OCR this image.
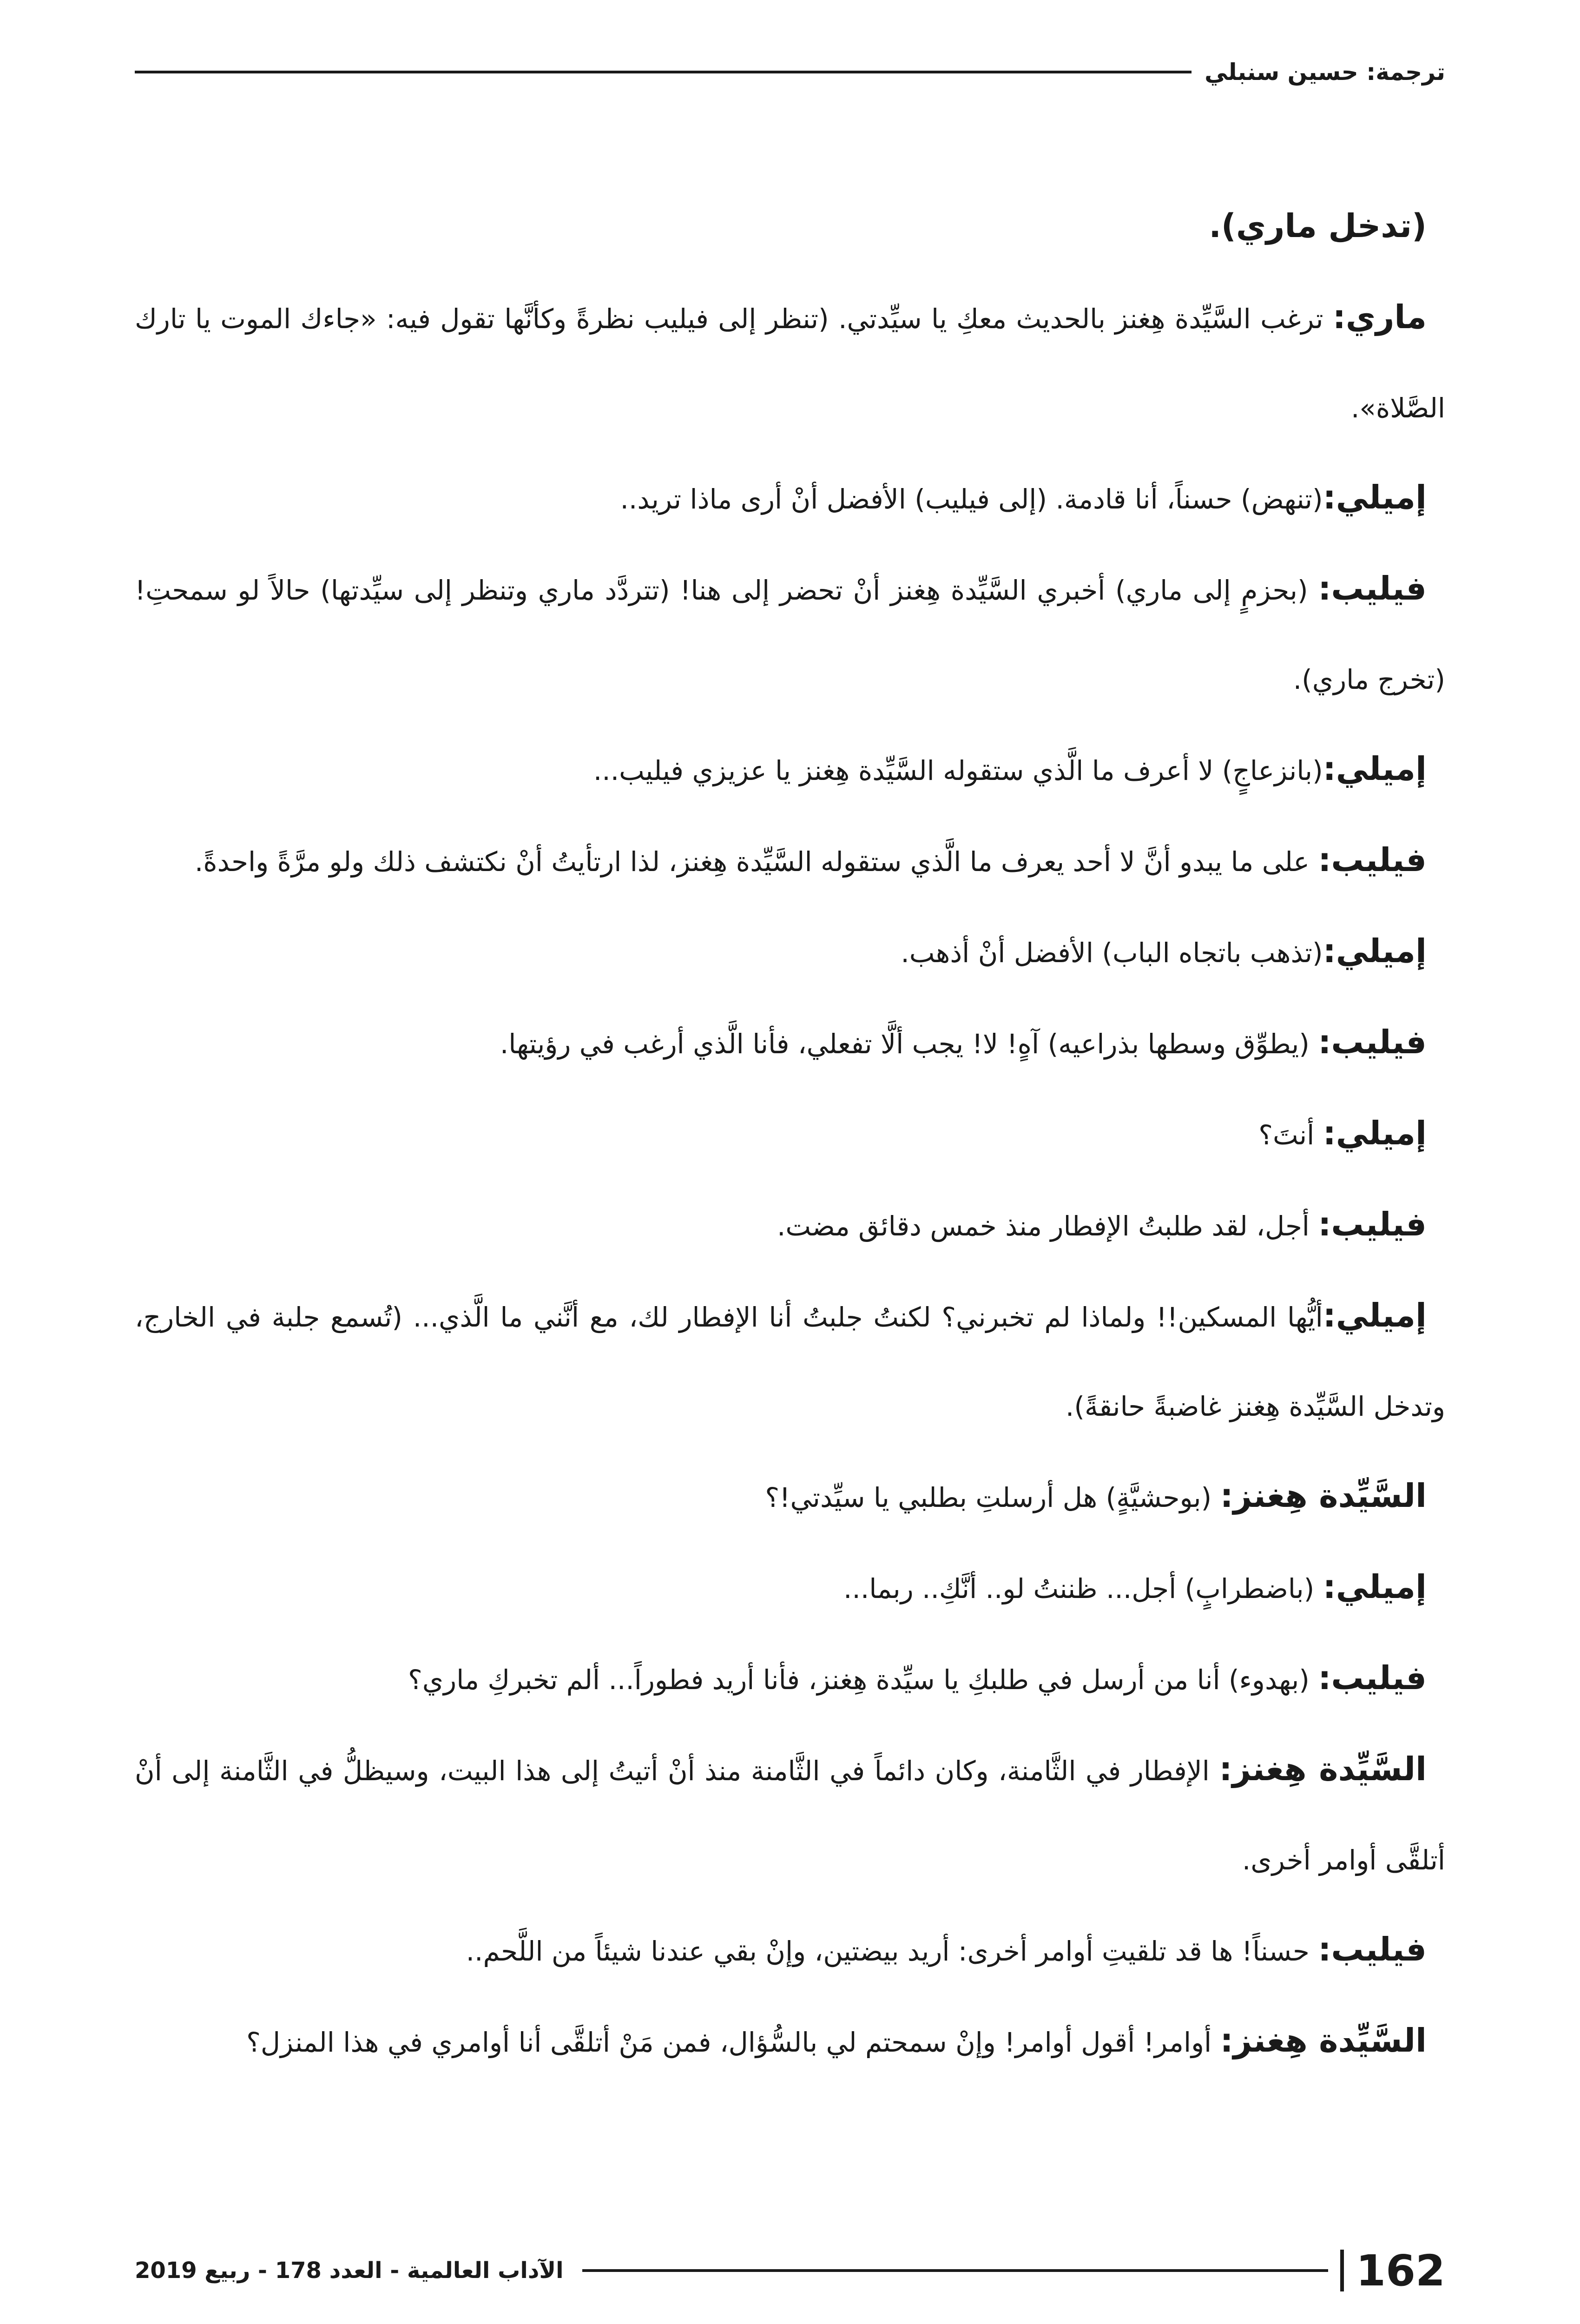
ترجمة: حسين سنبلي

(تدخل ماري).

ماري: ترغب السَّيِّدة هِغنز بالحديث معكِ يا سيِّدتي. (تنظر إلى فيليب نظرةً وكأنَّها تقول فيه: «جاءك الموت يا تارك الصَّلاة».

إميلي:(تنهض) حسناً، أنا قادمة. (إلى فيليب) الأفضل أنْ أرى ماذا تريد..

فيليب: (بحزمٍ إلى ماري) أخبري السَّيِّدة هِغنز أنْ تحضر إلى هنا! (تتردَّد ماري وتنظر إلى سيِّدتها) حالاً لو سمحتِ! (تخرج ماري).

إميلي:(بانزعاجٍ) لا أعرف ما الَّذي ستقوله السَّيِّدة هِغنز يا عزيزي فيليب...

فيليب: على ما يبدو أنَّ لا أحد يعرف ما الَّذي ستقوله السَّيِّدة هِغنز، لذا ارتأيتُ أنْ نكتشف ذلك ولو مرَّةً واحدةً.

إميلي:(تذهب باتجاه الباب) الأفضل أنْ أذهب.

فيليب: (يطوِّق وسطها بذراعيه) آهٍ! لا! يجب ألَّا تفعلي، فأنا الَّذي أرغب في رؤيتها.

إميلي: أنتَ؟

فيليب: أجل، لقد طلبتُ الإفطار منذ خمس دقائق مضت.

إميلي:أيُّها المسكين!! ولماذا لم تخبرني؟ لكنتُ جلبتُ أنا الإفطار لك، مع أنَّني ما الَّذي... (تُسمع جلبة في الخارج، وتدخل السَّيِّدة هِغنز غاضبةً حانقةً).

السَّيِّدة هِغنز: (بوحشيَّةٍ) هل أرسلتِ بطلبي يا سيِّدتي!؟

إميلي: (باضطرابٍ) أجل... ظننتُ لو.. أنَّكِ.. ربما...

فيليب: (بهدوء) أنا من أرسل في طلبكِ يا سيِّدة هِغنز، فأنا أريد فطوراً... ألم تخبركِ ماري؟

السَّيِّدة هِغنز: الإفطار في الثَّامنة، وكان دائماً في الثَّامنة منذ أنْ أتيتُ إلى هذا البيت، وسيظلُّ في الثَّامنة إلى أنْ أتلقَّى أوامر أخرى.

فيليب: حسناً! ها قد تلقيتِ أوامر أخرى: أريد بيضتين، وإنْ بقي عندنا شيئاً من اللَّحم..

السَّيِّدة هِغنز: أوامر! أقول أوامر! وإنْ سمحتم لي بالسُّؤال، فمن مَنْ أتلقَّى أنا أوامري في هذا المنزل؟

162
الآداب العالمية - العدد 178 - ربيع 2019
